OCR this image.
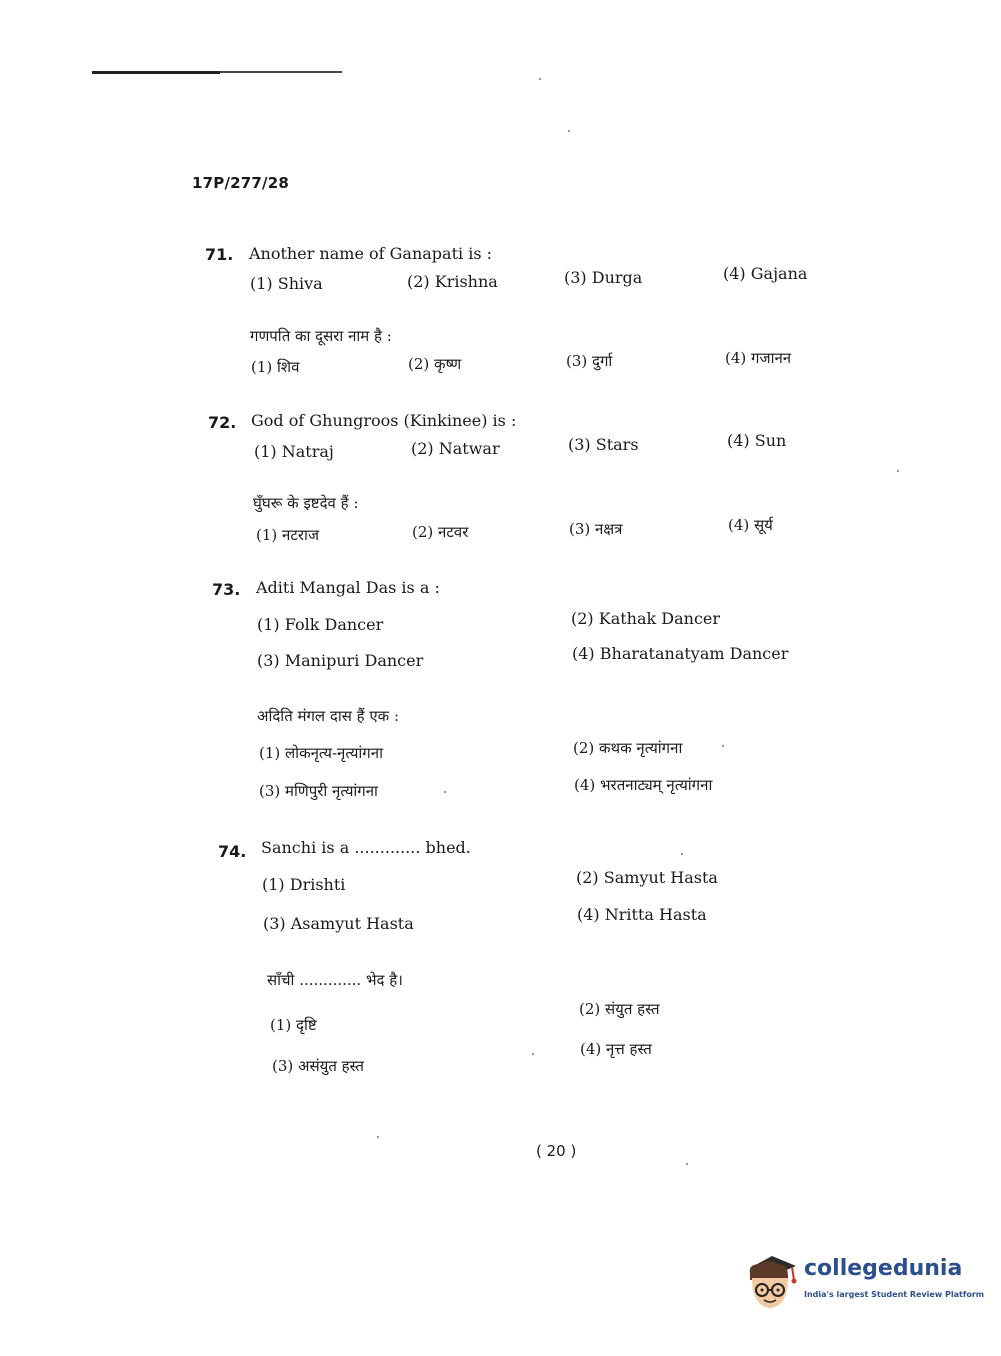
17P/277/28
71. Another name of Ganapati is :
(1) Shiva	(2) Krishna	(3) Durga	(4) Gajana
गणपति का दूसरा नाम है :
(1) शिव	(2) कृष्ण	(3) दुर्गा	(4) गजानन
72. God of Ghungroos (Kinkinee) is :
(1) Natraj	(2) Natwar	(3) Stars	(4) Sun
घुँघरू के इष्टदेव हैं :
(1) नटराज	(2) नटवर	(3) नक्षत्र	(4) सूर्य
73. Aditi Mangal Das is a :
(1) Folk Dancer	(2) Kathak Dancer
(3) Manipuri Dancer	(4) Bharatanatyam Dancer
अदिति मंगल दास हैं एक :
(1) लोकनृत्य-नृत्यांगना	(2) कथक नृत्यांगना
(3) मणिपुरी नृत्यांगना	(4) भरतनाट्यम् नृत्यांगना
74. Sanchi is a ............. bhed.
(1) Drishti	(2) Samyut Hasta
(3) Asamyut Hasta	(4) Nritta Hasta
साँची ............. भेद है।
(1) दृष्टि
(2) संयुत हस्त
(3) असंयुत हस्त
(4) नृत्त हस्त
( 20 )
collegedunia
India's largest Student Review Platform
